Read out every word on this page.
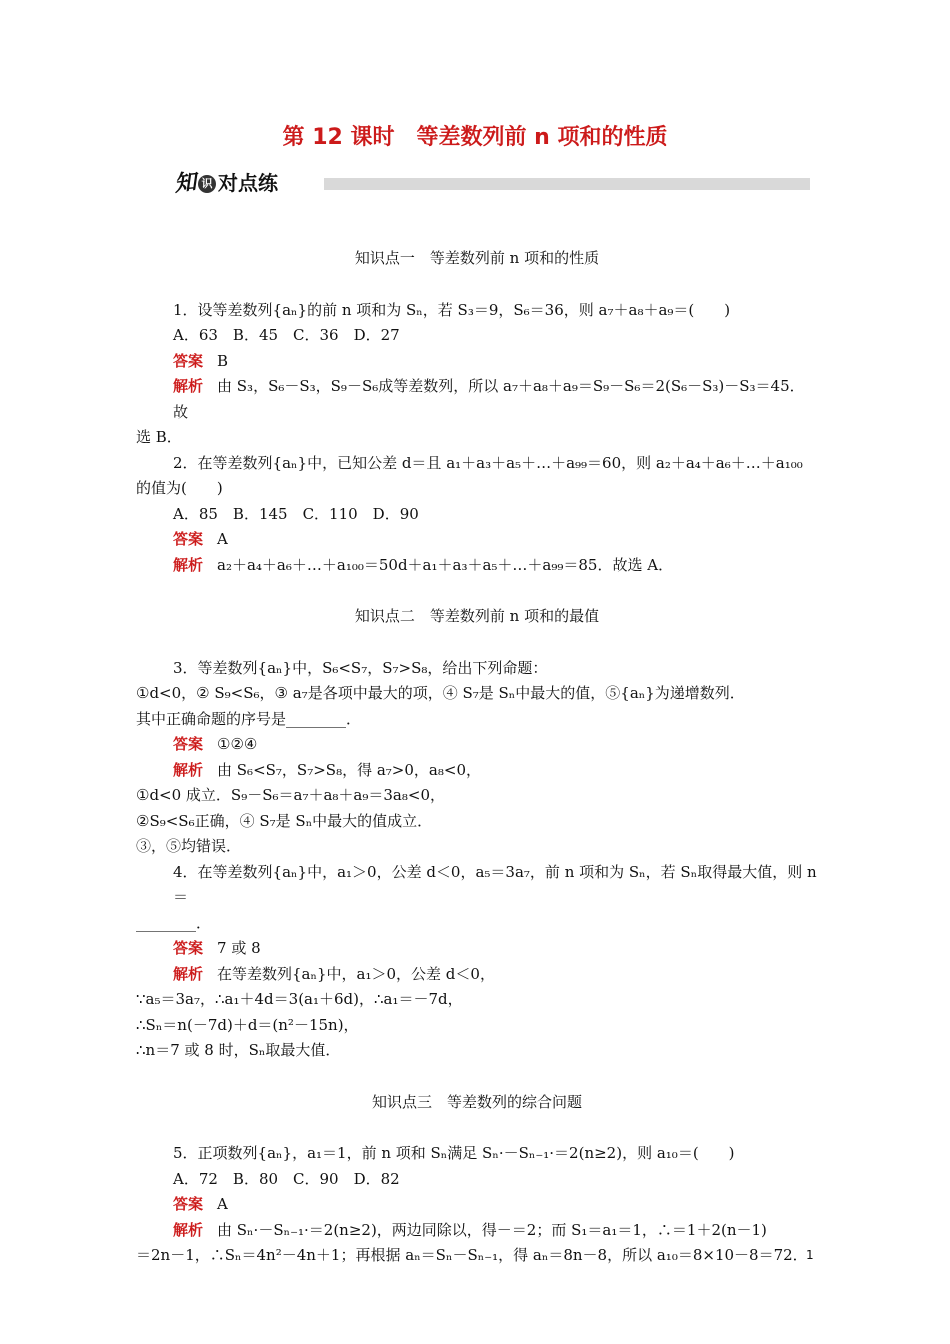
第 12 课时　等差数列前 n 项和的性质
知 识 对点练

知识点一　等差数列前 n 项和的性质

1．设等差数列{aₙ}的前 n 项和为 Sₙ，若 S₃＝9，S₆＝36，则 a₇＋a₈＋a₉＝(　　)

A．63　B．45　C．36　D．27

答案 B

解析 由 S₃，S₆－S₃，S₉－S₆成等差数列，所以 a₇＋a₈＋a₉＝S₉－S₆＝2(S₆－S₃)－S₃＝45．故

选 B．

2．在等差数列{aₙ}中，已知公差 d＝且 a₁＋a₃＋a₅＋…＋a₉₉＝60，则 a₂＋a₄＋a₆＋…＋a₁₀₀

的值为(　　)

A．85　B．145　C．110　D．90

答案 A

解析 a₂＋a₄＋a₆＋…＋a₁₀₀＝50d＋a₁＋a₃＋a₅＋…＋a₉₉＝85．故选 A．

知识点二　等差数列前 n 项和的最值

3．等差数列{aₙ}中，S₆<S₇，S₇>S₈，给出下列命题：

①d<0，② S₉<S₆，③ a₇是各项中最大的项，④ S₇是 Sₙ中最大的值，⑤{aₙ}为递增数列．

其中正确命题的序号是________．

答案 ①②④

解析 由 S₆<S₇，S₇>S₈，得 a₇>0，a₈<0，

①d<0 成立．S₉－S₆＝a₇＋a₈＋a₉＝3a₈<0，

②S₉<S₆正确，④ S₇是 Sₙ中最大的值成立．

③，⑤均错误．

4．在等差数列{aₙ}中，a₁＞0，公差 d＜0，a₅＝3a₇，前 n 项和为 Sₙ，若 Sₙ取得最大值，则 n＝

________．

答案 7 或 8

解析 在等差数列{aₙ}中，a₁＞0，公差 d＜0，

∵a₅＝3a₇，∴a₁＋4d＝3(a₁＋6d)，∴a₁＝－7d，

∴Sₙ＝n(－7d)＋d＝(n²－15n)，

∴n＝7 或 8 时，Sₙ取最大值．

知识点三　等差数列的综合问题

5．正项数列{aₙ}，a₁＝1，前 n 项和 Sₙ满足 Sₙ·－Sₙ₋₁·＝2(n≥2)，则 a₁₀＝(　　)

A．72　B．80　C．90　D．82

答案 A

解析 由 Sₙ·－Sₙ₋₁·＝2(n≥2)，两边同除以，得－＝2；而 S₁＝a₁＝1，∴＝1＋2(n－1)

＝2n－1，∴Sₙ＝4n²－4n＋1；再根据 aₙ＝Sₙ－Sₙ₋₁，得 aₙ＝8n－8，所以 a₁₀＝8×10－8＝72．

1
